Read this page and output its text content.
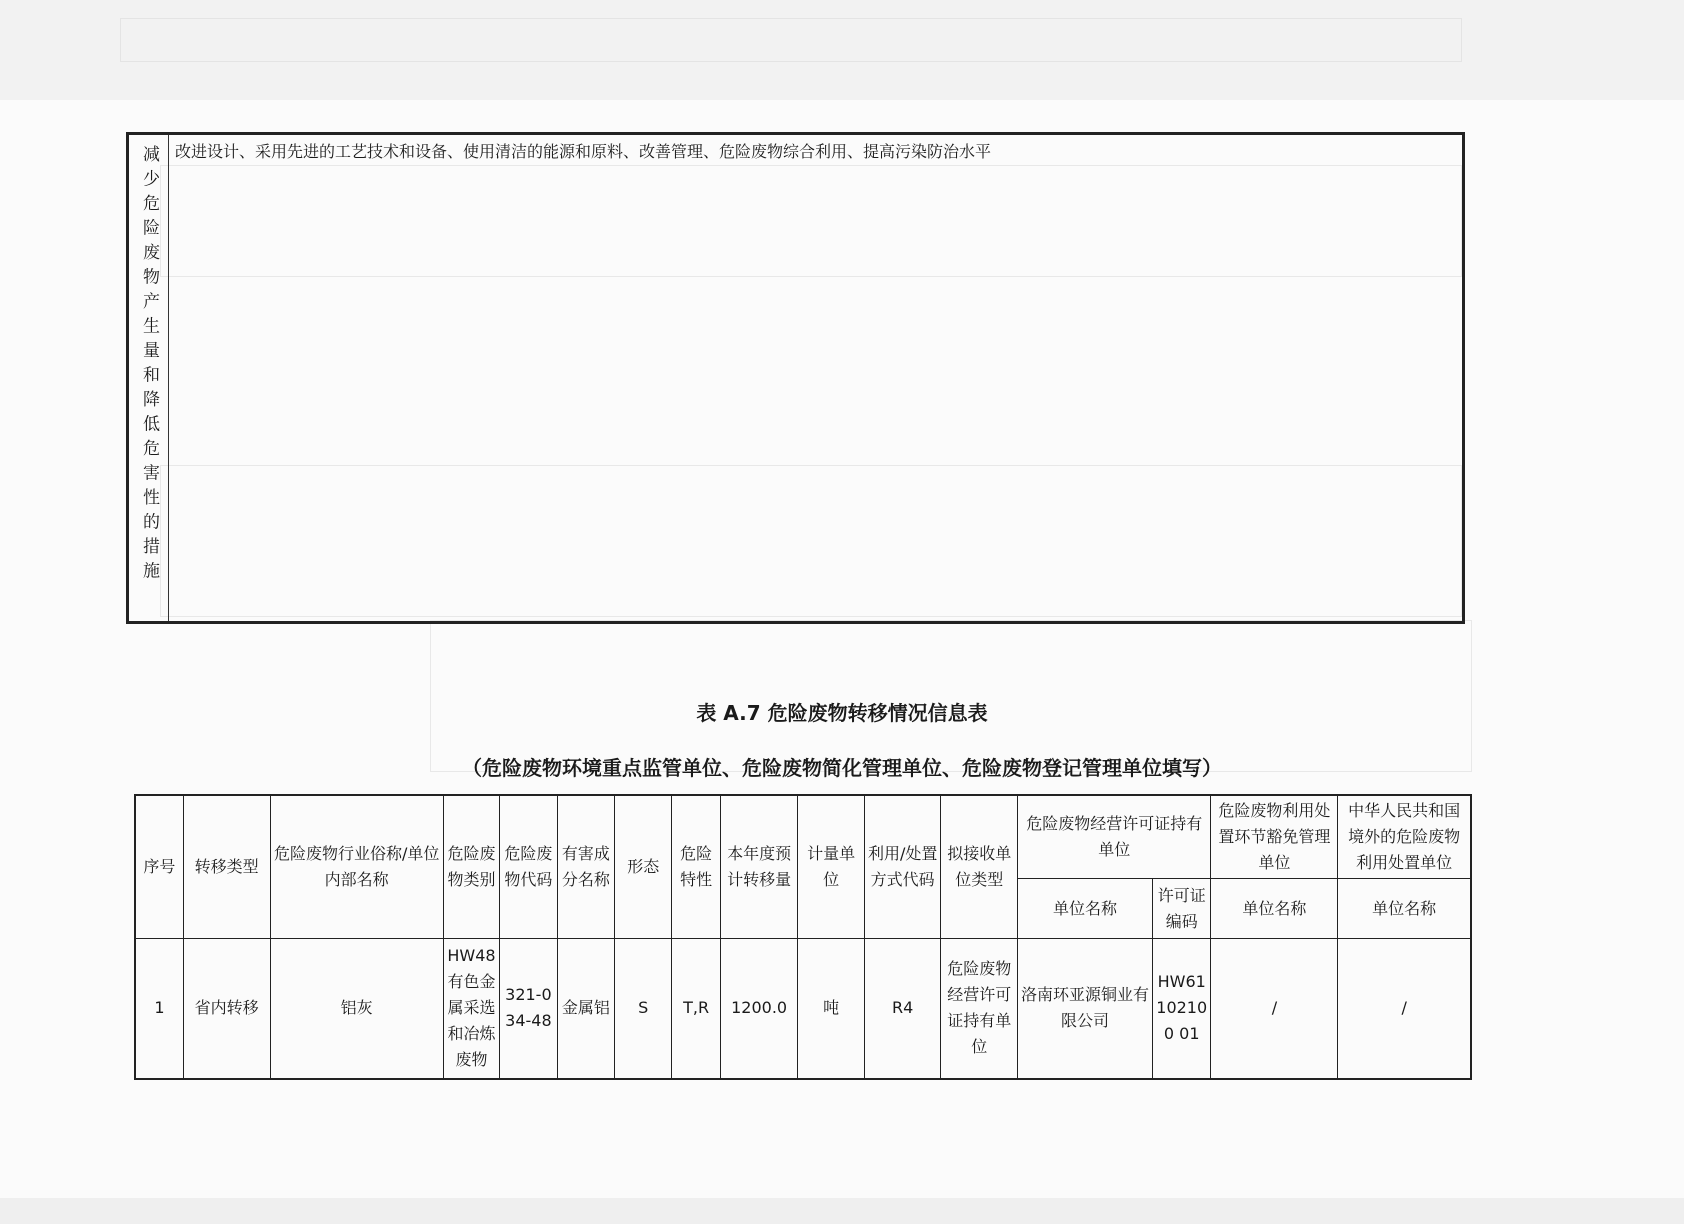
减少危险废物产生量和降低危害性的措施 改进设计、采用先进的工艺技术和设备、使用清洁的能源和原料、改善管理、危险废物综合利用、提高污染防治水平
表 A.7 危险废物转移情况信息表
（危险废物环境重点监管单位、危险废物简化管理单位、危险废物登记管理单位填写）
序号	转移类型	危险废物行业俗称/单位内部名称	危险废物类别	危险废物代码	有害成分名称	形态	危险特性	本年度预计转移量	计量单位	利用/处置方式代码	拟接收单位类型	危险废物经营许可证持有单位		危险废物利用处置环节豁免管理单位	中华人民共和国境外的危险废物利用处置单位
												单位名称	许可证编码	单位名称	单位名称
1	省内转移	铝灰	HW48有色金属采选和冶炼废物	321-034-48	金属铝	S	T,R	1200.0	吨	R4	危险废物经营许可证持有单位	洛南环亚源铜业有限公司	HW61102100 01	/	/
